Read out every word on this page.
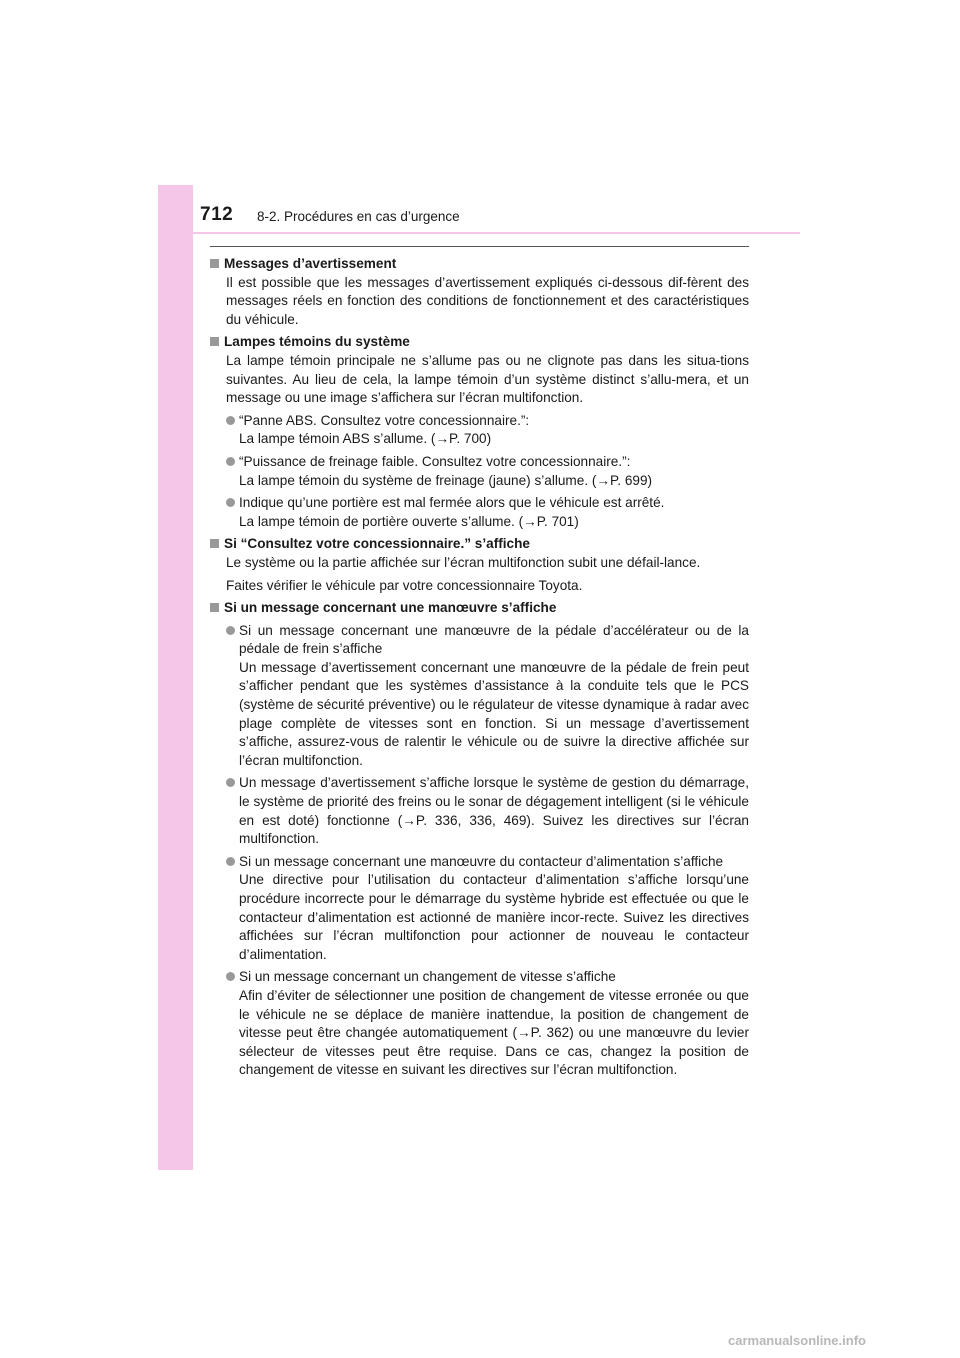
712 8-2. Procédures en cas d’urgence
Messages d’avertissement
Il est possible que les messages d’avertissement expliqués ci-dessous dif-fèrent des messages réels en fonction des conditions de fonctionnement et des caractéristiques du véhicule.
Lampes témoins du système
La lampe témoin principale ne s’allume pas ou ne clignote pas dans les situa-tions suivantes. Au lieu de cela, la lampe témoin d’un système distinct s’allu-mera, et un message ou une image s’affichera sur l’écran multifonction.
“Panne ABS. Consultez votre concessionnaire.”:
La lampe témoin ABS s’allume. (→P. 700)
“Puissance de freinage faible. Consultez votre concessionnaire.”:
La lampe témoin du système de freinage (jaune) s’allume. (→P. 699)
Indique qu’une portière est mal fermée alors que le véhicule est arrêté.
La lampe témoin de portière ouverte s’allume. (→P. 701)
Si “Consultez votre concessionnaire.” s’affiche
Le système ou la partie affichée sur l’écran multifonction subit une défail-lance.
Faites vérifier le véhicule par votre concessionnaire Toyota.
Si un message concernant une manœuvre s’affiche
Si un message concernant une manœuvre de la pédale d’accélérateur ou de la pédale de frein s’affiche
Un message d’avertissement concernant une manœuvre de la pédale de frein peut s’afficher pendant que les systèmes d’assistance à la conduite tels que le PCS (système de sécurité préventive) ou le régulateur de vitesse dynamique à radar avec plage complète de vitesses sont en fonction. Si un message d’avertissement s’affiche, assurez-vous de ralentir le véhicule ou de suivre la directive affichée sur l’écran multifonction.
Un message d’avertissement s’affiche lorsque le système de gestion du démarrage, le système de priorité des freins ou le sonar de dégagement intelligent (si le véhicule en est doté) fonctionne (→P. 336, 336, 469). Suivez les directives sur l’écran multifonction.
Si un message concernant une manœuvre du contacteur d’alimentation s’affiche
Une directive pour l’utilisation du contacteur d’alimentation s’affiche lorsqu’une procédure incorrecte pour le démarrage du système hybride est effectuée ou que le contacteur d’alimentation est actionné de manière incor-recte. Suivez les directives affichées sur l’écran multifonction pour actionner de nouveau le contacteur d’alimentation.
Si un message concernant un changement de vitesse s’affiche
Afin d’éviter de sélectionner une position de changement de vitesse erronée ou que le véhicule ne se déplace de manière inattendue, la position de changement de vitesse peut être changée automatiquement (→P. 362) ou une manœuvre du levier sélecteur de vitesses peut être requise. Dans ce cas, changez la position de changement de vitesse en suivant les directives sur l’écran multifonction.
carmanualsonline.info
